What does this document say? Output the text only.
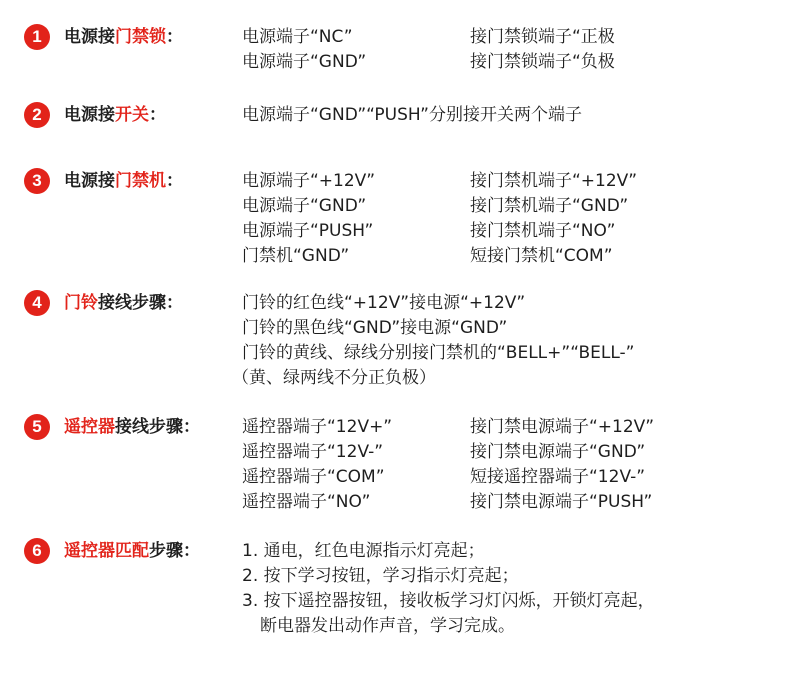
1	电源接门禁锁：	电源端子“NC”	接门禁锁端子“正极
电源端子“GND”	接门禁锁端子“负极
2	电源接开关：	电源端子“GND”“PUSH”分别接开关两个端子
3	电源接门禁机：	电源端子“+12V”	接门禁机端子“+12V”
电源端子“GND”	接门禁机端子“GND”
电源端子“PUSH”	接门禁机端子“NO”
门禁机“GND”	短接门禁机“COM”
4	门铃接线步骤：	门铃的红色线“+12V”接电源“+12V”
门铃的黑色线“GND”接电源“GND”
门铃的黄线、绿线分别接门禁机的“BELL+”“BELL-”
（黄、绿两线不分正负极）
5	遥控器接线步骤： 遥控器端子“12V+”	接门禁电源端子“+12V”
遥控器端子“12V-”	接门禁电源端子“GND”
遥控器端子“COM”	短接遥控器端子“12V-”
遥控器端子“NO”	接门禁电源端子“PUSH”
6	遥控器匹配步骤： 1. 通电，红色电源指示灯亮起；
2. 按下学习按钮，学习指示灯亮起；
3. 按下遥控器按钮，接收板学习灯闪烁，开锁灯亮起，
断电器发出动作声音，学习完成。
